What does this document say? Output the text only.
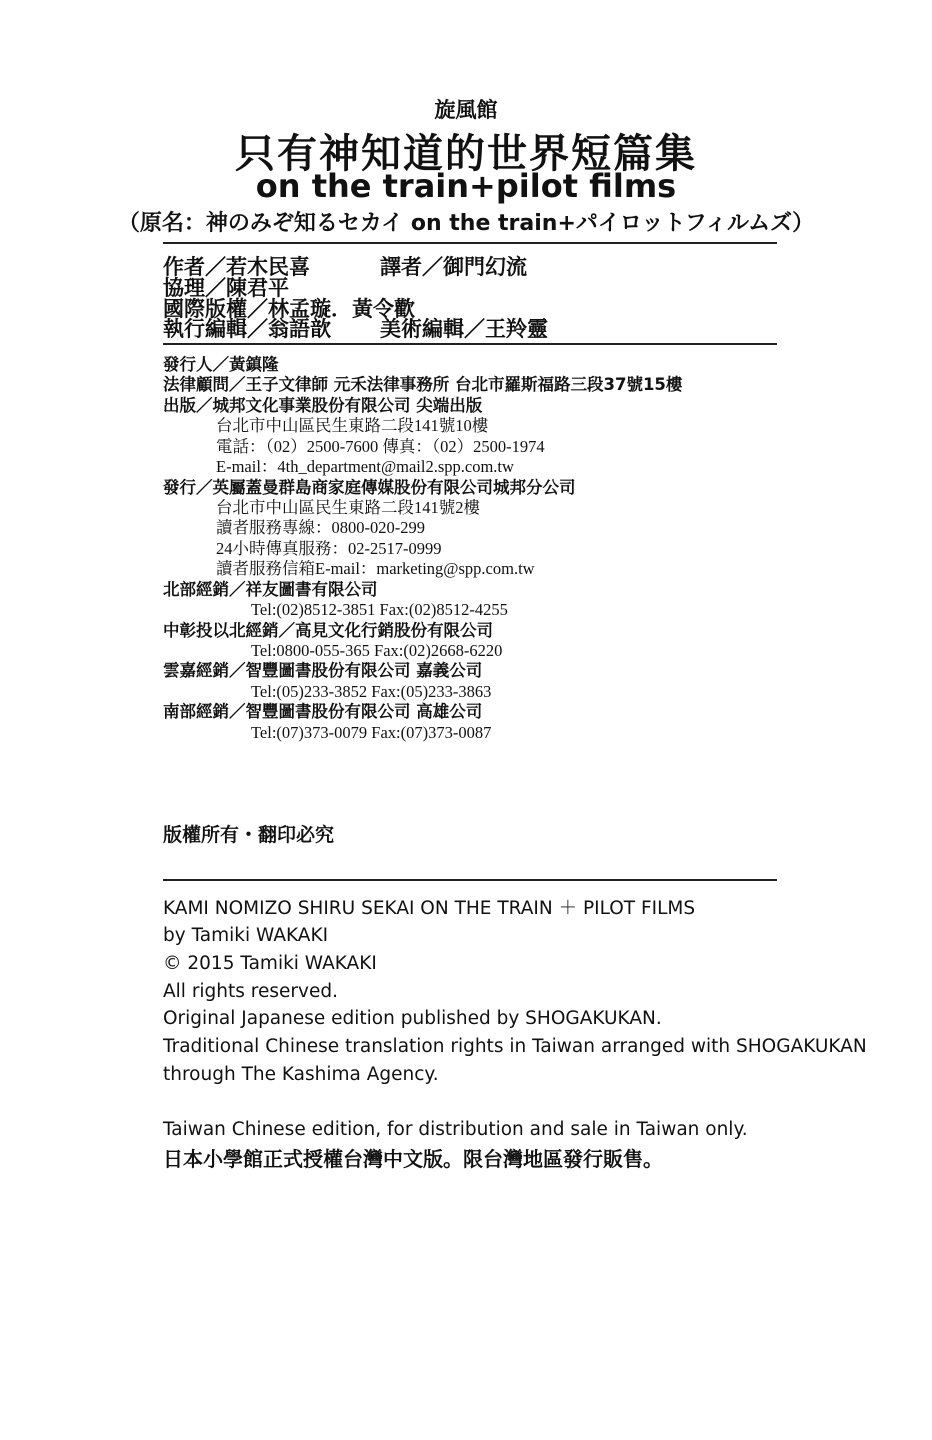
旋風館
只有神知道的世界短篇集
on the train+pilot films
（原名：神のみぞ知るセカイ on the train+パイロットフィルムズ）
作者／若木民喜	譯者／御門幻流
協理／陳君平
國際版權／林孟璇．黃令歡
執行編輯／翁語歆 美術編輯／王羚靈
發行人／黃鎮隆
法律顧問／王子文律師 元禾法律事務所 台北市羅斯福路三段37號15樓
出版／城邦文化事業股份有限公司 尖端出版
台北市中山區民生東路二段141號10樓
電話：（02）2500-7600 傳真：（02）2500-1974
E-mail：4th_department@mail2.spp.com.tw
發行／英屬蓋曼群島商家庭傳媒股份有限公司城邦分公司
台北市中山區民生東路二段141號2樓
讀者服務專線：0800-020-299
24小時傳真服務：02-2517-0999
讀者服務信箱E-mail：marketing@spp.com.tw
北部經銷／祥友圖書有限公司
Tel:(02)8512-3851 Fax:(02)8512-4255
中彰投以北經銷／高見文化行銷股份有限公司
Tel:0800-055-365 Fax:(02)2668-6220
雲嘉經銷／智豐圖書股份有限公司 嘉義公司
Tel:(05)233-3852 Fax:(05)233-3863
南部經銷／智豐圖書股份有限公司 高雄公司
Tel:(07)373-0079 Fax:(07)373-0087
版權所有・翻印必究
KAMI NOMIZO SHIRU SEKAI ON THE TRAIN ＋ PILOT FILMS
by Tamiki WAKAKI
© 2015 Tamiki WAKAKI
All rights reserved.
Original Japanese edition published by SHOGAKUKAN.
Traditional Chinese translation rights in Taiwan arranged with SHOGAKUKAN
through The Kashima Agency.
Taiwan Chinese edition, for distribution and sale in Taiwan only.
日本小學館正式授權台灣中文版。限台灣地區發行販售。
